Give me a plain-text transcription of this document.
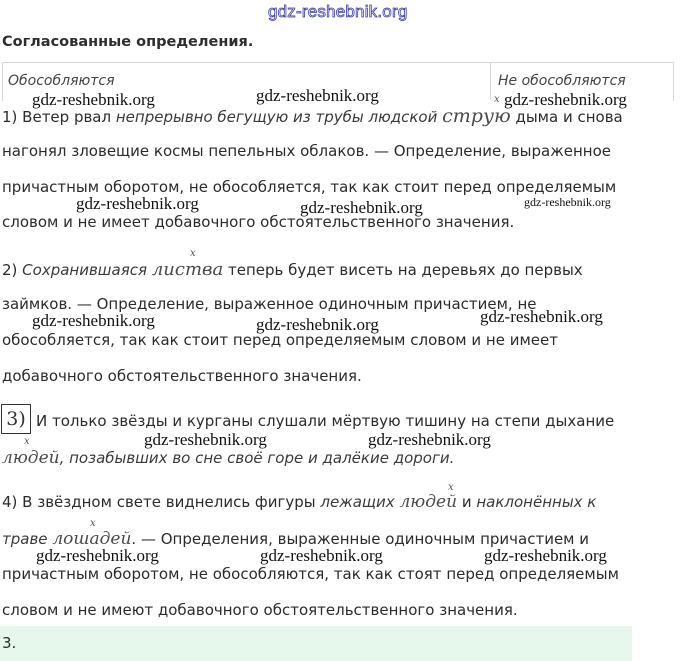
gdz-reshebnik.org
Согласованные определения.
Обособляются	Не обособляются
1) Ветер рвал непрерывно бегущую из трубы людской струю дыма и снова
x
нагонял зловещие космы пепельных облаков. — Определение, выраженное
причастным оборотом, не обособляется, так как стоит перед определяемым
словом и не имеет добавочного обстоятельственного значения.
2) Сохранившаяся листва теперь будет висеть на деревьях до первых
x
займков. — Определение, выраженное одиночным причастием, не
обособляется, так как стоит перед определяемым словом и не имеет
добавочного обстоятельственного значения.
3) И только звёзды и курганы слушали мёртвую тишину на степи дыхание
x
людей, позабывших во сне своё горе и далёкие дороги.
4) В звёздном свете виднелись фигуры лежащих людей и наклонённых к
x
траве лошадей. — Определения, выраженные одиночным причастием и
x
причастным оборотом, не обособляются, так как стоят перед определяемым
словом и не имеют добавочного обстоятельственного значения.
gdz-reshebnik.org	gdz-reshebnik.org	gdz-reshebnik.org
gdz-reshebnik.org	gdz-reshebnik.org	gdz-reshebnik.org
gdz-reshebnik.org	gdz-reshebnik.org	gdz-reshebnik.org
gdz-reshebnik.org	gdz-reshebnik.org
gdz-reshebnik.org	gdz-reshebnik.org	gdz-reshebnik.org
3.
